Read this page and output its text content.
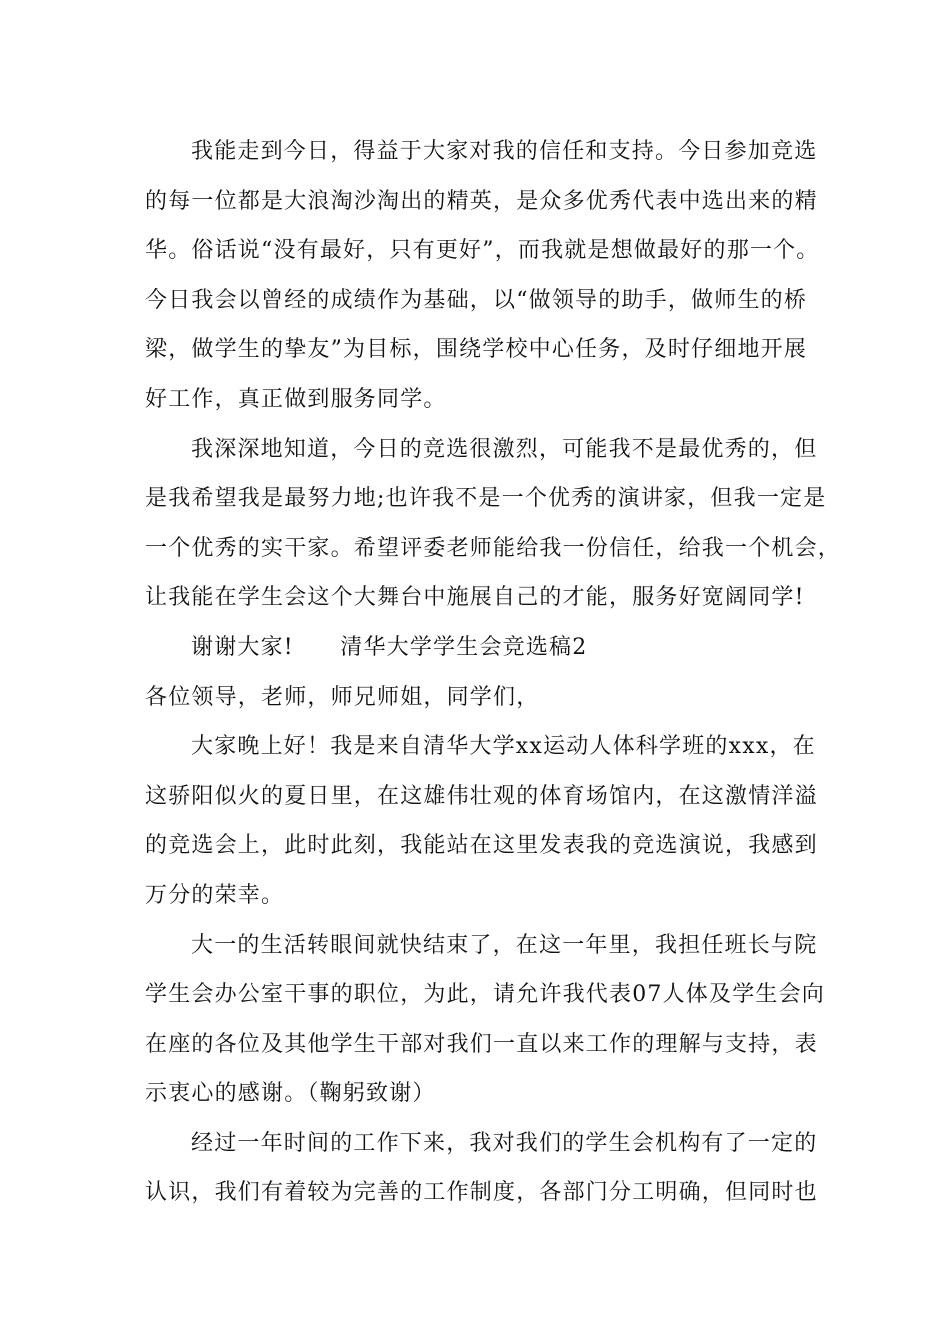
我能走到今日，得益于大家对我的信任和支持。今日参加竞选
的每一位都是大浪淘沙淘出的精英，是众多优秀代表中选出来的精
华。俗话说“没有最好，只有更好”，而我就是想做最好的那一个。
今日我会以曾经的成绩作为基础，以“做领导的助手，做师生的桥
梁，做学生的挚友”为目标，围绕学校中心任务，及时仔细地开展
好工作，真正做到服务同学。
我深深地知道，今日的竞选很激烈，可能我不是最优秀的，但
是我希望我是最努力地;也许我不是一个优秀的演讲家，但我一定是
一个优秀的实干家。希望评委老师能给我一份信任，给我一个机会，
让我能在学生会这个大舞台中施展自己的才能，服务好宽阔同学!
谢谢大家!　　清华大学学生会竞选稿2
各位领导，老师，师兄师姐，同学们，
大家晚上好！我是来自清华大学xx运动人体科学班的xxx，在
这骄阳似火的夏日里，在这雄伟壮观的体育场馆内，在这激情洋溢
的竞选会上，此时此刻，我能站在这里发表我的竞选演说，我感到
万分的荣幸。
大一的生活转眼间就快结束了，在这一年里，我担任班长与院
学生会办公室干事的职位，为此，请允许我代表07人体及学生会向
在座的各位及其他学生干部对我们一直以来工作的理解与支持，表
示衷心的感谢。（鞠躬致谢）
经过一年时间的工作下来，我对我们的学生会机构有了一定的
认识，我们有着较为完善的工作制度，各部门分工明确，但同时也
